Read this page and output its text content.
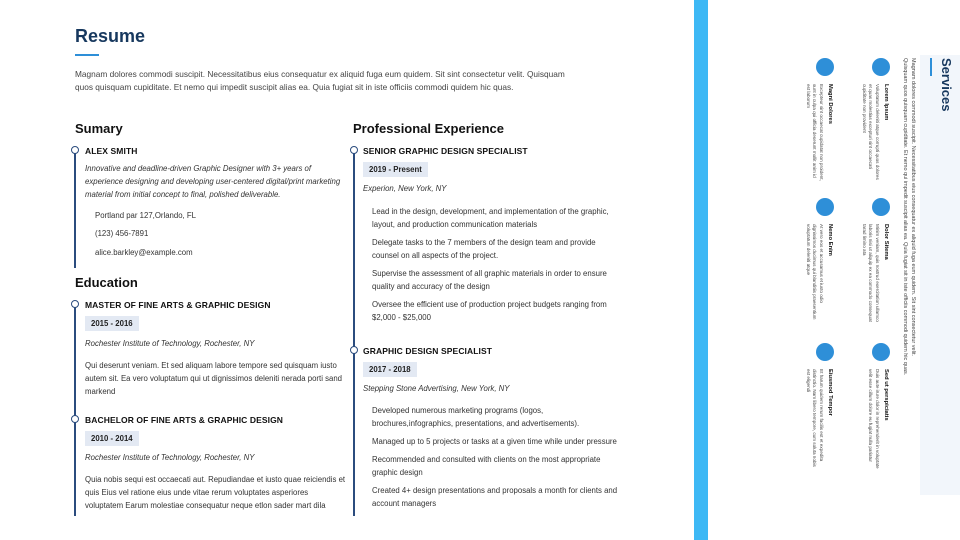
Resume
Magnam dolores commodi suscipit. Necessitatibus eius consequatur ex aliquid fuga eum quidem. Sit sint consectetur velit. Quisquam quos quisquam cupiditate. Et nemo qui impedit suscipit alias ea. Quia fugiat sit in iste officiis commodi quidem hic quas.
Sumary
ALEX SMITH
Innovative and deadline-driven Graphic Designer with 3+ years of experience designing and developing user-centered digital/print marketing material from initial concept to final, polished deliverable.
Portland par 127,Orlando, FL
(123) 456-7891
alice.barkley@example.com
Education
MASTER OF FINE ARTS & GRAPHIC DESIGN
2015 - 2016
Rochester Institute of Technology, Rochester, NY
Qui deserunt veniam. Et sed aliquam labore tempore sed quisquam iusto autem sit. Ea vero voluptatum qui ut dignissimos deleniti nerada porti sand markend
BACHELOR OF FINE ARTS & GRAPHIC DESIGN
2010 - 2014
Rochester Institute of Technology, Rochester, NY
Quia nobis sequi est occaecati aut. Repudiandae et iusto quae reiciendis et quis Eius vel ratione eius unde vitae rerum voluptates asperiores voluptatem Earum molestiae consequatur neque etlon sader mart dila
Professional Experience
SENIOR GRAPHIC DESIGN SPECIALIST
2019 - Present
Experion, New York, NY
Lead in the design, development, and implementation of the graphic, layout, and production communication materials
Delegate tasks to the 7 members of the design team and provide counsel on all aspects of the project.
Supervise the assessment of all graphic materials in order to ensure quality and accuracy of the design
Oversee the efficient use of production project budgets ranging from $2,000 - $25,000
GRAPHIC DESIGN SPECIALIST
2017 - 2018
Stepping Stone Advertising, New York, NY
Developed numerous marketing programs (logos, brochures,infographics, presentations, and advertisements).
Managed up to 5 projects or tasks at a given time while under pressure
Recommended and consulted with clients on the most appropriate graphic design
Created 4+ design presentations and proposals a month for clients and account managers
Services
Magnam dolores commodi suscipit. Necessitatibus eius consequatur ex aliquid fuga eum quidem. Sit sint consectetur velit. Quisquam quos quisquam cupiditate. Et nemo qui impedit suscipit alias ea. Quia fugiat sit in iste officiis commodi quidem hic quas.
Lorem Ipsum
Voluptatum deleniti atque corrupti quos dolores et quas molestias excepturi sint occaecati cupiditate non provident
Dolor Sitema
Minim veniam, quis nostrud exercitation ullamco laboris nisi ut aliquip ex ea commodo consequat tarad limino ata
Sed ut perspiciatis
Duis aute irure dolor in reprehenderit in voluptate velit esse cillum dolore eu fugiat nulla pariatur
Magni Dolores
Excepteur sint occaecat cupidatat non proident, sunt in culpa qui officia deserunt mollit anim id est laborum
Nemo Enim
At vero eos et accusamus et iusto odio dignissimos ducimus qui blanditiis praesentium voluptatum deleniti atque
Eiusmod Tempor
Et harum quidem rerum facilis est et expedita distinctio. Nam libero tempore, cum soluta nobis est eligendi
